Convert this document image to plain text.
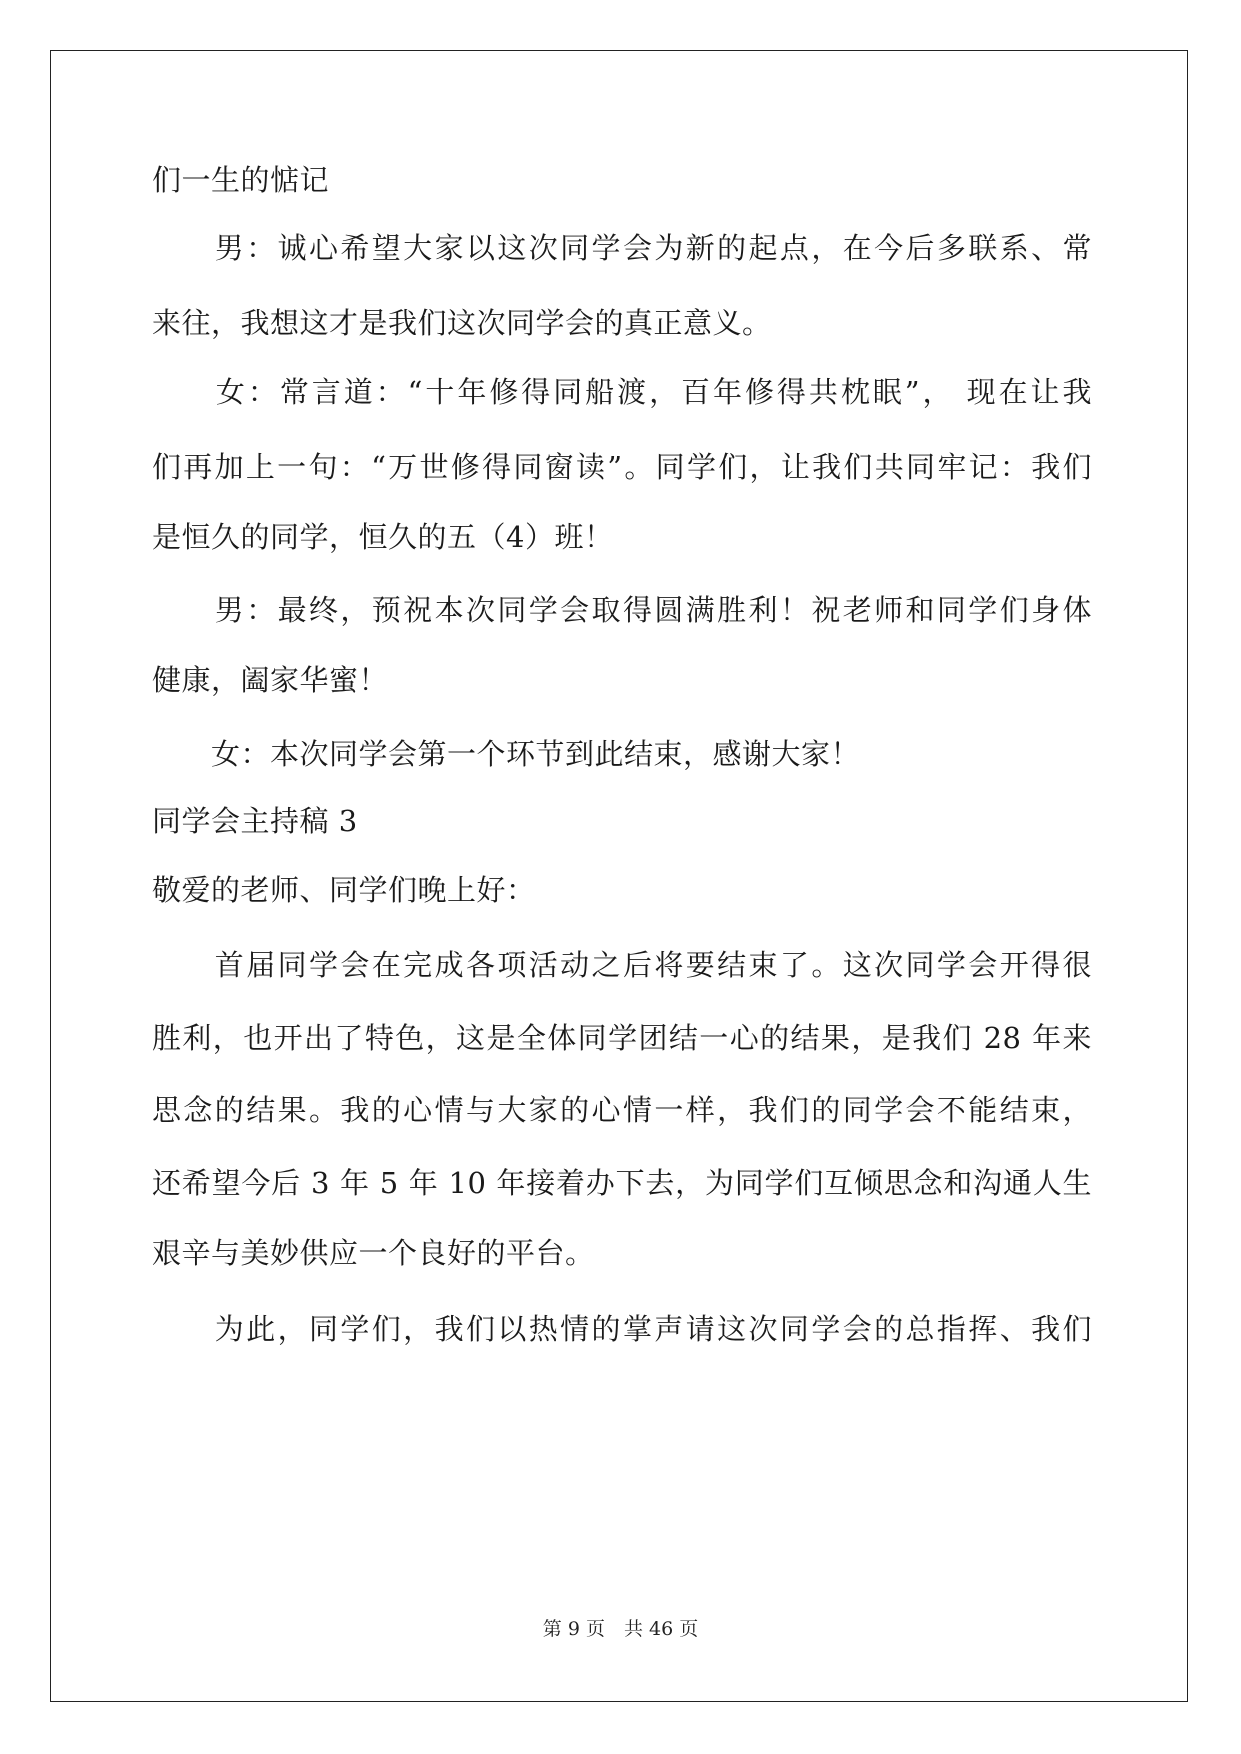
们一生的惦记
　　男：诚心希望大家以这次同学会为新的起点，在今后多联系、常
来往，我想这才是我们这次同学会的真正意义。
　　女：常言道：“十年修得同船渡，百年修得共枕眠”， 现在让我
们再加上一句：“万世修得同窗读”。同学们，让我们共同牢记：我们
是恒久的同学，恒久的五（4）班！
　　男：最终，预祝本次同学会取得圆满胜利！祝老师和同学们身体
健康，阖家华蜜！
　　女：本次同学会第一个环节到此结束，感谢大家！
同学会主持稿 3
敬爱的老师、同学们晚上好：
　　首届同学会在完成各项活动之后将要结束了。这次同学会开得很
胜利，也开出了特色，这是全体同学团结一心的结果，是我们 28 年来
思念的结果。我的心情与大家的心情一样，我们的同学会不能结束，
还希望今后 3 年 5 年 10 年接着办下去，为同学们互倾思念和沟通人生
艰辛与美妙供应一个良好的平台。
　　为此，同学们，我们以热情的掌声请这次同学会的总指挥、我们
第 9 页　共 46 页
